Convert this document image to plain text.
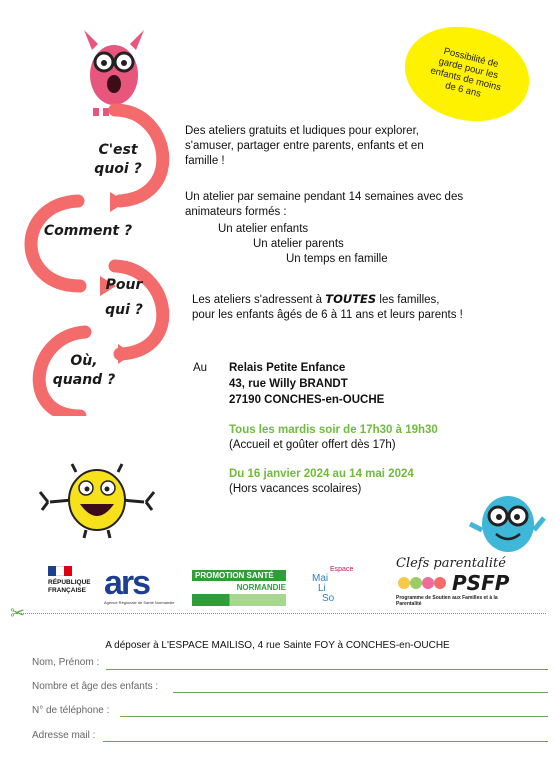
Possibilité de garde pour les enfants de moins de 6 ans
C'est
quoi ?
Comment ?
Pour
qui ?
Où,
quand ?
Des ateliers gratuits et ludiques pour explorer,
s'amuser, partager entre parents, enfants et en
famille !
Un atelier par semaine pendant 14 semaines avec des
animateurs formés :
Un atelier enfants
Un atelier parents
Un temps en famille
Les ateliers s'adressent à TOUTES les familles,
pour les enfants âgés de 6 à 11 ans et leurs parents !
Au Relais Petite Enfance
43, rue Willy BRANDT
27190 CONCHES-en-OUCHE
Tous les mardis soir de 17h30 à 19h30
(Accueil et goûter offert dès 17h)
Du 16 janvier 2024 au 14 mai 2024
(Hors vacances scolaires)
RÉPUBLIQUE
FRANÇAISE ars
Agence Régionale de Santé Normandie
PROMOTION SANTÉ
NORMANDIE
Espace
Mai
Li
So
Clefs parentalité
PSFP
Programme de Soutien aux Familles et à la Parentalité
✂
A déposer à L'ESPACE MAILISO, 4 rue Sainte FOY à CONCHES-en-OUCHE
Nom, Prénom :
Nombre et âge des enfants :
N° de téléphone :
Adresse mail :
